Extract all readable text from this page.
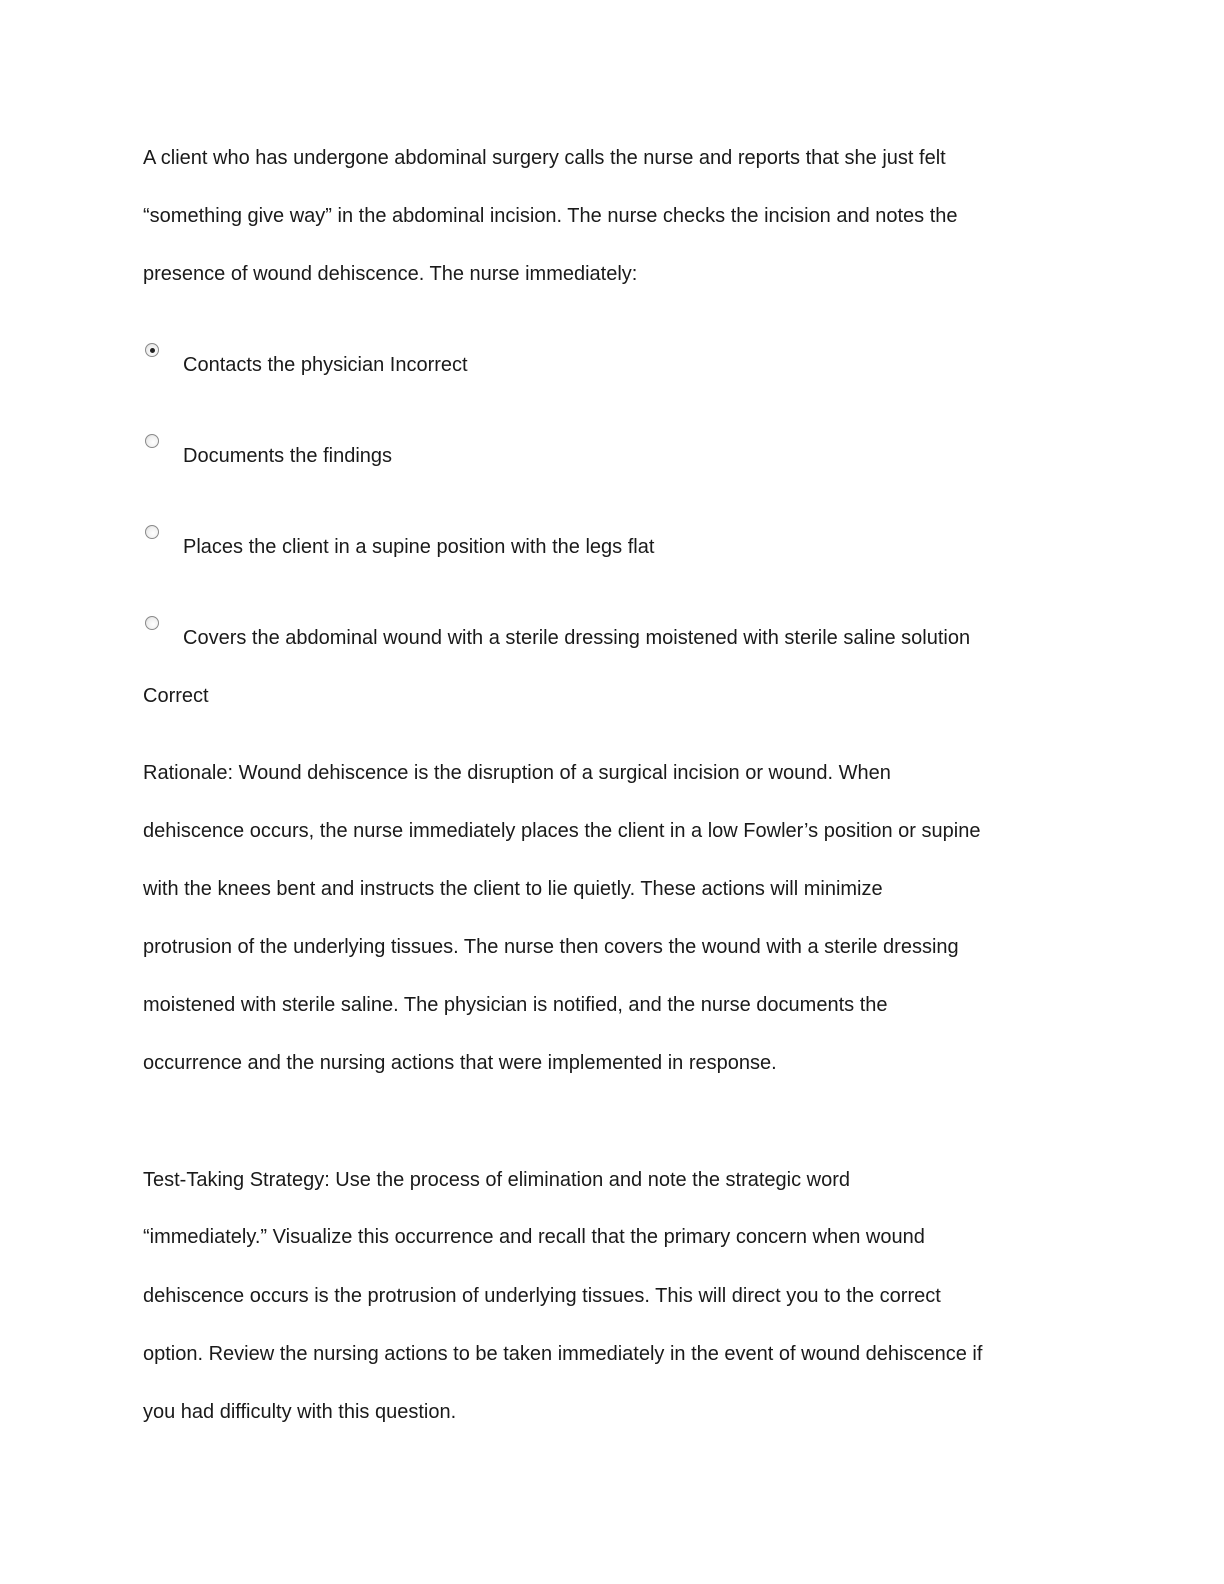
A client who has undergone abdominal surgery calls the nurse and reports that she just felt
“something give way” in the abdominal incision. The nurse checks the incision and notes the
presence of wound dehiscence. The nurse immediately:
Contacts the physician Incorrect
Documents the findings
Places the client in a supine position with the legs flat
Covers the abdominal wound with a sterile dressing moistened with sterile saline solution
Correct
Rationale: Wound dehiscence is the disruption of a surgical incision or wound. When
dehiscence occurs, the nurse immediately places the client in a low Fowler’s position or supine
with the knees bent and instructs the client to lie quietly. These actions will minimize
protrusion of the underlying tissues. The nurse then covers the wound with a sterile dressing
moistened with sterile saline. The physician is notified, and the nurse documents the
occurrence and the nursing actions that were implemented in response.
Test-Taking Strategy: Use the process of elimination and note the strategic word
“immediately.” Visualize this occurrence and recall that the primary concern when wound
dehiscence occurs is the protrusion of underlying tissues. This will direct you to the correct
option. Review the nursing actions to be taken immediately in the event of wound dehiscence if
you had difficulty with this question.
